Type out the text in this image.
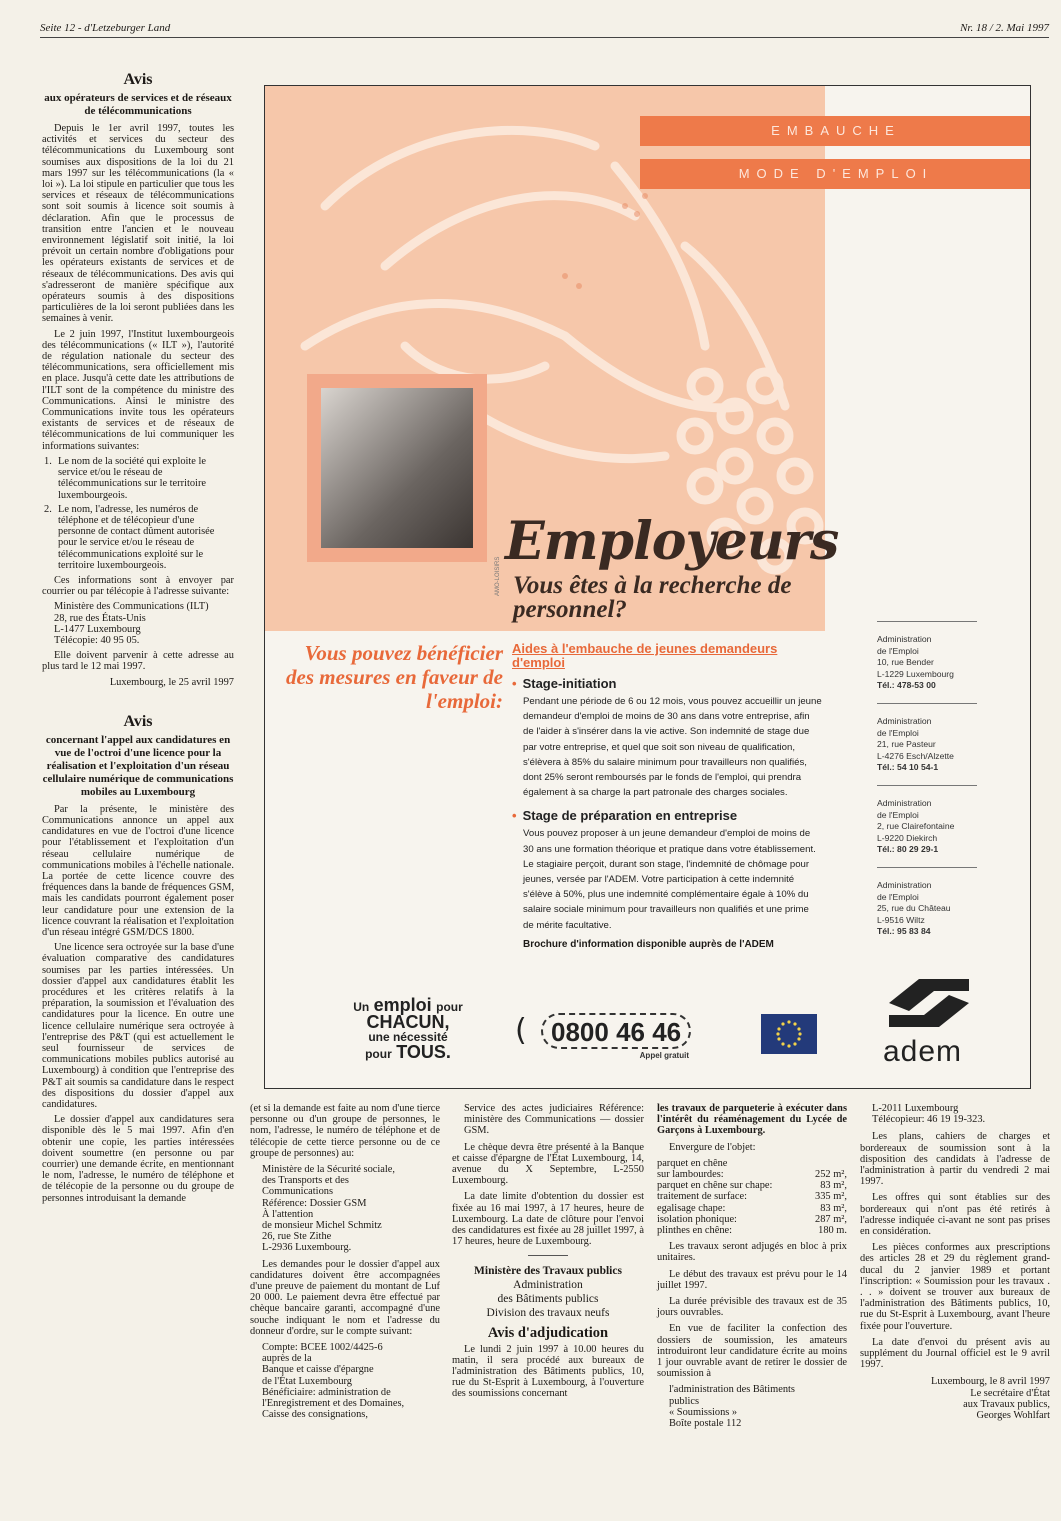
Seite 12 - d'Letzeburger Land	Nr. 18 / 2. Mai 1997
Avis
aux opérateurs de services et de réseaux de télécommunications

Depuis le 1er avril 1997, toutes les activités et services du secteur des télécommunications du Luxembourg sont soumises aux dispositions de la loi du 21 mars 1997 sur les télécommunications (la « loi »). La loi stipule en particulier que tous les services et réseaux de télécommunications sont soit soumis à licence soit soumis à déclaration. Afin que le processus de transition entre l'ancien et le nouveau environnement législatif soit initié, la loi prévoit un certain nombre d'obligations pour les opérateurs existants de services et de réseaux de télécommunications. Des avis qui s'adresseront de manière spécifique aux opérateurs soumis à des dispositions particulières de la loi seront publiées dans les semaines à venir.

Le 2 juin 1997, l'Institut luxembourgeois des télécommunications (« ILT »), l'autorité de régulation nationale du secteur des télécommunications, sera officiellement mis en place. Jusqu'à cette date les attributions de l'ILT sont de la compétence du ministre des Communications. Ainsi le ministre des Communications invite tous les opérateurs existants de services et de réseaux de télécommunications de lui communiquer les informations suivantes:

1. Le nom de la société qui exploite le service et/ou le réseau de télécommunications sur le territoire luxembourgeois.
2. Le nom, l'adresse, les numéros de téléphone et de télécopieur d'une personne de contact dûment autorisée pour le service et/ou le réseau de télécommunications exploité sur le territoire luxembourgeois.

Ces informations sont à envoyer par courrier ou par télécopie à l'adresse suivante:

Ministère des Communications (ILT)
28, rue des États-Unis
L-1477 Luxembourg
Télécopie: 40 95 05.

Elle doivent parvenir à cette adresse au plus tard le 12 mai 1997.

Luxembourg, le 25 avril 1997
Avis
concernant l'appel aux candidatures en vue de l'octroi d'une licence pour la réalisation et l'exploitation d'un réseau cellulaire numérique de communications mobiles au Luxembourg

Par la présente, le ministère des Communications annonce un appel aux candidatures en vue de l'octroi d'une licence pour l'établissement et l'exploitation d'un réseau cellulaire numérique de communications mobiles à l'échelle nationale. La portée de cette licence couvre des fréquences dans la bande de fréquences GSM, mais les candidats pourront également poser leur candidature pour une extension de la licence couvrant la réalisation et l'exploitation d'un réseau intégré GSM/DCS 1800.

Une licence sera octroyée sur la base d'une évaluation comparative des candidatures soumises par les parties intéressées. Un dossier d'appel aux candidatures établit les procédures et les critères relatifs à la préparation, la soumission et l'évaluation des candidatures pour la licence. En outre une licence cellulaire numérique sera octroyée à l'entreprise des P&T (qui est actuellement le seul fournisseur de services de communications mobiles publics autorisé au Luxembourg) à condition que l'entreprise des P&T ait soumis sa candidature dans le respect des dispositions du dossier d'appel aux candidatures.

Le dossier d'appel aux candidatures sera disponible dès le 5 mai 1997. Afin d'en obtenir une copie, les parties intéressées doivent soumettre (en personne ou par courrier) une demande écrite, en mentionnant le nom, l'adresse, le numéro de téléphone et de télécopie de la personne ou du groupe de personnes introduisant la demande

EMBAUCHE
MODE D'EMPLOI
AMO-LOISIRS
Employeurs
Vous êtes à la recherche de personnel?
Vous pouvez bénéficier des mesures en faveur de l'emploi:
Aides à l'embauche de jeunes demandeurs d'emploi
• Stage-initiation

Pendant une période de 6 ou 12 mois, vous pouvez accueillir un jeune demandeur d'emploi de moins de 30 ans dans votre entreprise, afin de l'aider à s'insérer dans la vie active. Son indemnité de stage due par votre entreprise, et quel que soit son niveau de qualification, s'élèvera à 85% du salaire minimum pour travailleurs non qualifiés, dont 25% seront remboursés par le fonds de l'emploi, qui prendra également à sa charge la part patronale des charges sociales.

• Stage de préparation en entreprise

Vous pouvez proposer à un jeune demandeur d'emploi de moins de 30 ans une formation théorique et pratique dans votre établissement. Le stagiaire perçoit, durant son stage, l'indemnité de chômage pour jeunes, versée par l'ADEM. Votre participation à cette indemnité s'élève à 50%, plus une indemnité complémentaire égale à 10% du salaire sociale minimum pour travailleurs non qualifiés et une prime de mérite facultative.

Brochure d'information disponible auprès de l'ADEM
Administration
de l'Emploi
10, rue Bender
L-1229 Luxembourg
Tél.: 478-53 00
Administration
de l'Emploi
21, rue Pasteur
L-4276 Esch/Alzette
Tél.: 54 10 54-1
Administration
de l'Emploi
2, rue Clairefontaine
L-9220 Diekirch
Tél.: 80 29 29-1
Administration
de l'Emploi
25, rue du Château
L-9516 Wiltz
Tél.: 95 83 84
Un emploi pour
CHACUN,
une nécessité
pour TOUS.
( 0800 46 46
Appel gratuit	adem

(et si la demande est faite au nom d'une tierce personne ou d'un groupe de personnes, le nom, l'adresse, le numéro de téléphone et de télécopie de cette tierce personne ou de ce groupe de personnes) au:

Ministère de la Sécurité sociale,
des Transports et des
Communications
Référence: Dossier GSM
À l'attention
de monsieur Michel Schmitz
26, rue Ste Zithe
L-2936 Luxembourg.

Les demandes pour le dossier d'appel aux candidatures doivent être accompagnées d'une preuve de paiement du montant de Luf 20 000. Le paiement devra être effectué par chèque bancaire garanti, accompagné d'une souche indiquant le nom et l'adresse du donneur d'ordre, sur le compte suivant:

Compte: BCEE 1002/4425-6
auprès de la
Banque et caisse d'épargne
de l'État Luxembourg
Bénéficiaire: administration de
l'Enregistrement et des Domaines,
Caisse des consignations,

Service des actes judiciaires Référence: ministère des Communications — dossier GSM.

Le chèque devra être présenté à la Banque et caisse d'épargne de l'État Luxembourg, 14, avenue du X Septembre, L-2550 Luxembourg.

La date limite d'obtention du dossier est fixée au 16 mai 1997, à 17 heures, heure de Luxembourg. La date de clôture pour l'envoi des candidatures est fixée au 28 juillet 1997, à 17 heures, heure de Luxembourg.

Ministère des Travaux publics
Administration
des Bâtiments publics
Division des travaux neufs
Avis d'adjudication

Le lundi 2 juin 1997 à 10.00 heures du matin, il sera procédé aux bureaux de l'administration des Bâtiments publics, 10, rue du St-Esprit à Luxembourg, à l'ouverture des soumissions concernant

les travaux de parqueterie à exécuter dans l'intérêt du réaménagement du Lycée de Garçons à Luxembourg.

Envergure de l'objet:

parquet en chêne
sur lambourdes:	252 m²,
parquet en chêne sur chape:	83 m²,
traitement de surface:	335 m²,
egalisage chape:	83 m²,
isolation phonique:	287 m²,
plinthes en chêne:	180 m.

Les travaux seront adjugés en bloc à prix unitaires.

Le début des travaux est prévu pour le 14 juillet 1997.

La durée prévisible des travaux est de 35 jours ouvrables.

En vue de faciliter la confection des dossiers de soumission, les amateurs introduiront leur candidature écrite au moins 1 jour ouvrable avant de retirer le dossier de soumission à

l'administration des Bâtiments
publics
« Soumissions »
Boîte postale 112
L-2011 Luxembourg
Télécopieur: 46 19 19-323.

Les plans, cahiers de charges et bordereaux de soumission sont à la disposition des candidats à l'adresse de l'administration à partir du vendredi 2 mai 1997.

Les offres qui sont établies sur des bordereaux qui n'ont pas été retirés à l'adresse indiquée ci-avant ne sont pas prises en considération.

Les pièces conformes aux prescriptions des articles 28 et 29 du règlement grand-ducal du 2 janvier 1989 et portant l'inscription: « Soumission pour les travaux . . . » doivent se trouver aux bureaux de l'administration des Bâtiments publics, 10, rue du St-Esprit à Luxembourg, avant l'heure fixée pour l'ouverture.

La date d'envoi du présent avis au supplément du Journal officiel est le 9 avril 1997.

Luxembourg, le 8 avril 1997
Le secrétaire d'État
aux Travaux publics,
Georges Wohlfart
